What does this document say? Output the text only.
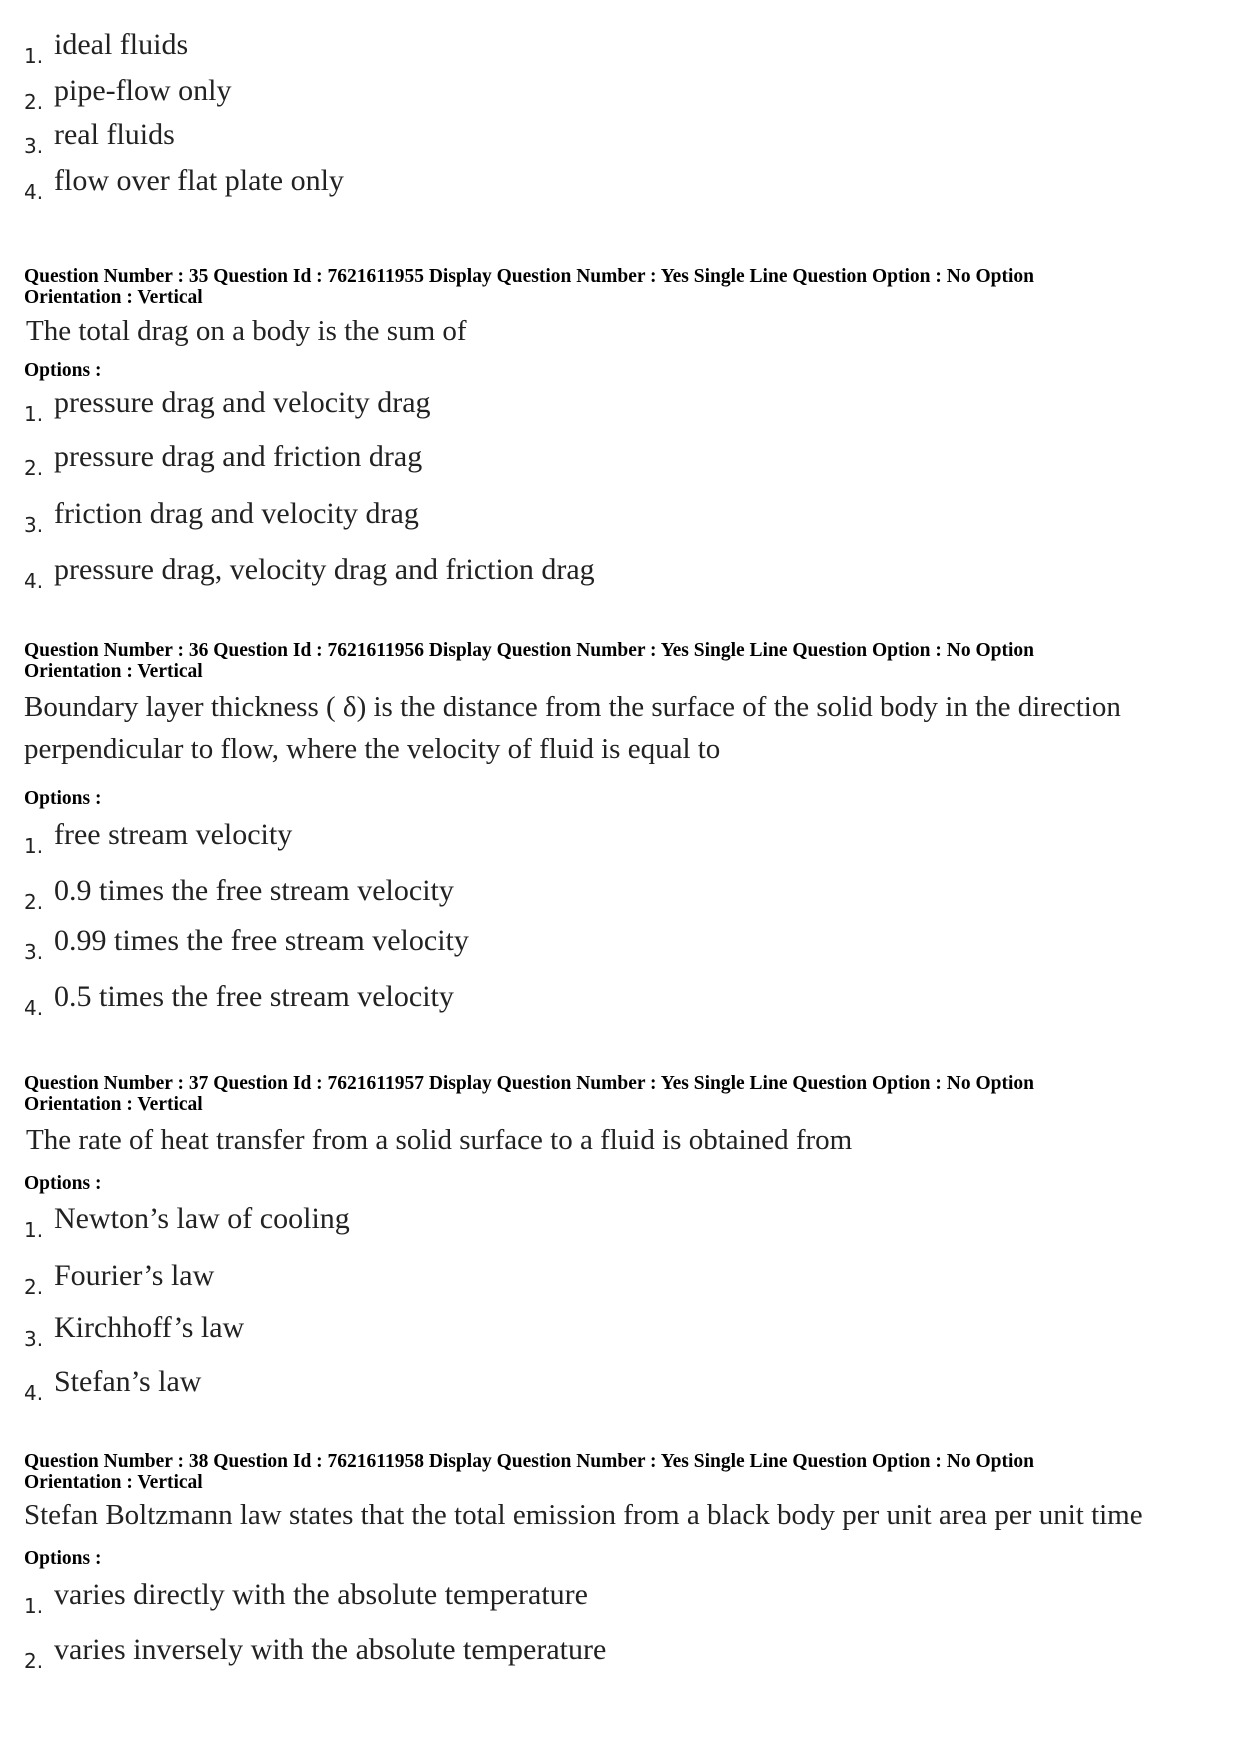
1. ideal fluids
2. pipe-flow only
3. real fluids
4. flow over flat plate only
Question Number : 35 Question Id : 7621611955 Display Question Number : Yes Single Line Question Option : No Option
Orientation : Vertical
The total drag on a body is the sum of
Options :
1. pressure drag and velocity drag
2. pressure drag and friction drag
3. friction drag and velocity drag
4. pressure drag, velocity drag and friction drag
Question Number : 36 Question Id : 7621611956 Display Question Number : Yes Single Line Question Option : No Option
Orientation : Vertical
Boundary layer thickness ( δ) is the distance from the surface of the solid body in the direction
perpendicular to flow, where the velocity of fluid is equal to
Options :
1. free stream velocity
2. 0.9 times the free stream velocity
3. 0.99 times the free stream velocity
4. 0.5 times the free stream velocity
Question Number : 37 Question Id : 7621611957 Display Question Number : Yes Single Line Question Option : No Option
Orientation : Vertical
The rate of heat transfer from a solid surface to a fluid is obtained from
Options :
1. Newton’s law of cooling
2. Fourier’s law
3. Kirchhoff’s law
4. Stefan’s law
Question Number : 38 Question Id : 7621611958 Display Question Number : Yes Single Line Question Option : No Option
Orientation : Vertical
Stefan Boltzmann law states that the total emission from a black body per unit area per unit time
Options :
1. varies directly with the absolute temperature
2. varies inversely with the absolute temperature
